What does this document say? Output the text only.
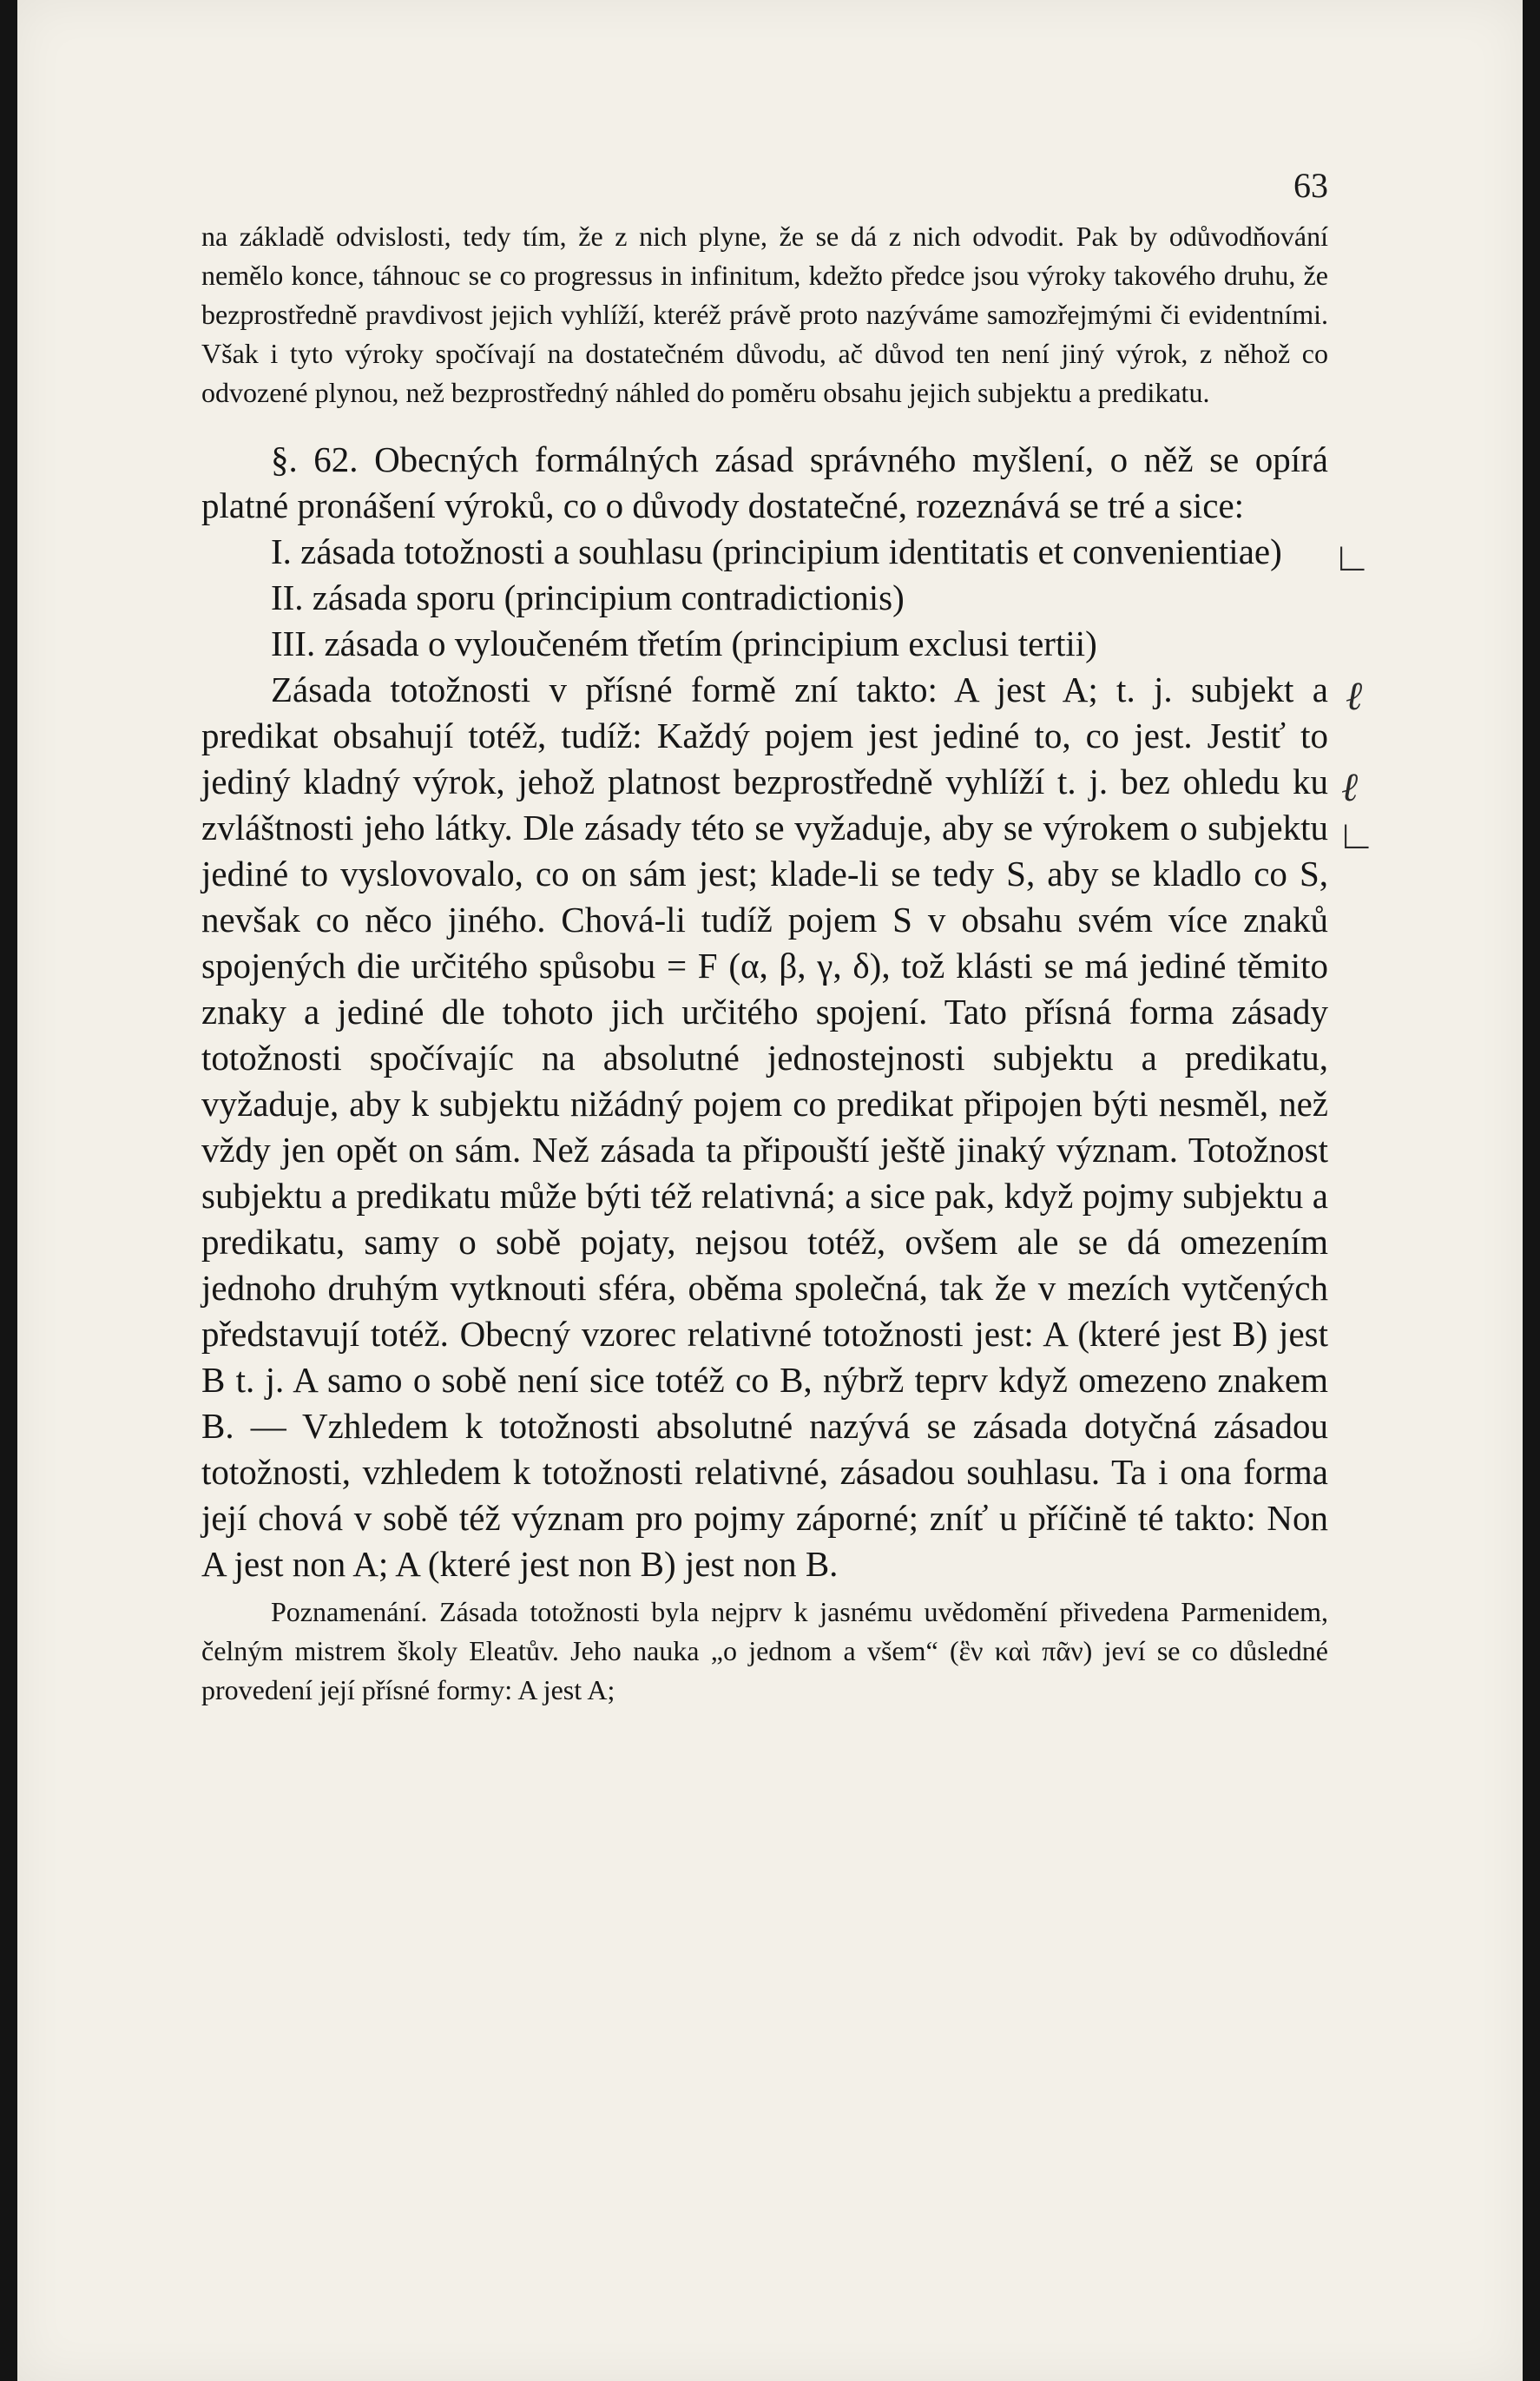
63

na základě odvislosti, tedy tím, že z nich plyne, že se dá z nich odvodit. Pak by odůvodňování nemělo konce, táhnouc se co progressus in infinitum, kdežto předce jsou výroky takového druhu, že bezprostředně pravdivost jejich vyhlíží, kteréž právě proto nazýváme samozřejmými či evidentními. Však i tyto výroky spočívají na dostatečném důvodu, ač důvod ten není jiný výrok, z něhož co odvozené plynou, než bezprostředný náhled do poměru obsahu jejich subjektu a predikatu.

§. 62. Obecných formálných zásad správného myšlení, o něž se opírá platné pronášení výroků, co o důvody dostatečné, rozeznává se tré a sice:

I. zásada totožnosti a souhlasu (principium identitatis et convenientiae)

II. zásada sporu (principium contradictionis)

III. zásada o vyloučeném třetím (principium exclusi tertii)

Zásada totožnosti v přísné formě zní takto: A jest A; t. j. subjekt a predikat obsahují totéž, tudíž: Každý pojem jest jediné to, co jest. Jestiť to jediný kladný výrok, jehož platnost bezprostředně vyhlíží t. j. bez ohledu ku zvláštnosti jeho látky. Dle zásady této se vyžaduje, aby se výrokem o subjektu jediné to vyslovovalo, co on sám jest; klade-li se tedy S, aby se kladlo co S, nevšak co něco jiného. Chová-li tudíž pojem S v obsahu svém více znaků spojených die určitého spůsobu = F (α, β, γ, δ), tož klásti se má jediné těmito znaky a jediné dle tohoto jich určitého spojení. Tato přísná forma zásady totožnosti spočívajíc na absolutné jednostejnosti subjektu a predikatu, vyžaduje, aby k subjektu nižádný pojem co predikat připojen býti nesměl, než vždy jen opět on sám. Než zásada ta připouští ještě jinaký význam. Totožnost subjektu a predikatu může býti též relativná; a sice pak, když pojmy subjektu a predikatu, samy o sobě pojaty, nejsou totéž, ovšem ale se dá omezením jednoho druhým vytknouti sféra, oběma společná, tak že v mezích vytčených představují totéž. Obecný vzorec relativné totožnosti jest: A (které jest B) jest B t. j. A samo o sobě není sice totéž co B, nýbrž teprv když omezeno znakem B. — Vzhledem k totožnosti absolutné nazývá se zásada dotyčná zásadou totožnosti, vzhledem k totožnosti relativné, zásadou souhlasu. Ta i ona forma její chová v sobě též význam pro pojmy záporné; zníť u příčině té takto: Non A jest non A; A (které jest non B) jest non B.

Poznamenání. Zásada totožnosti byla nejprv k jasnému uvědomění přivedena Parmenidem, čelným mistrem školy Eleatův. Jeho nauka „o jednom a všem“ (ἓν καὶ πᾶν) jeví se co důsledné provedení její přísné formy: A jest A;

∟
ℓ
ℓ
∟
